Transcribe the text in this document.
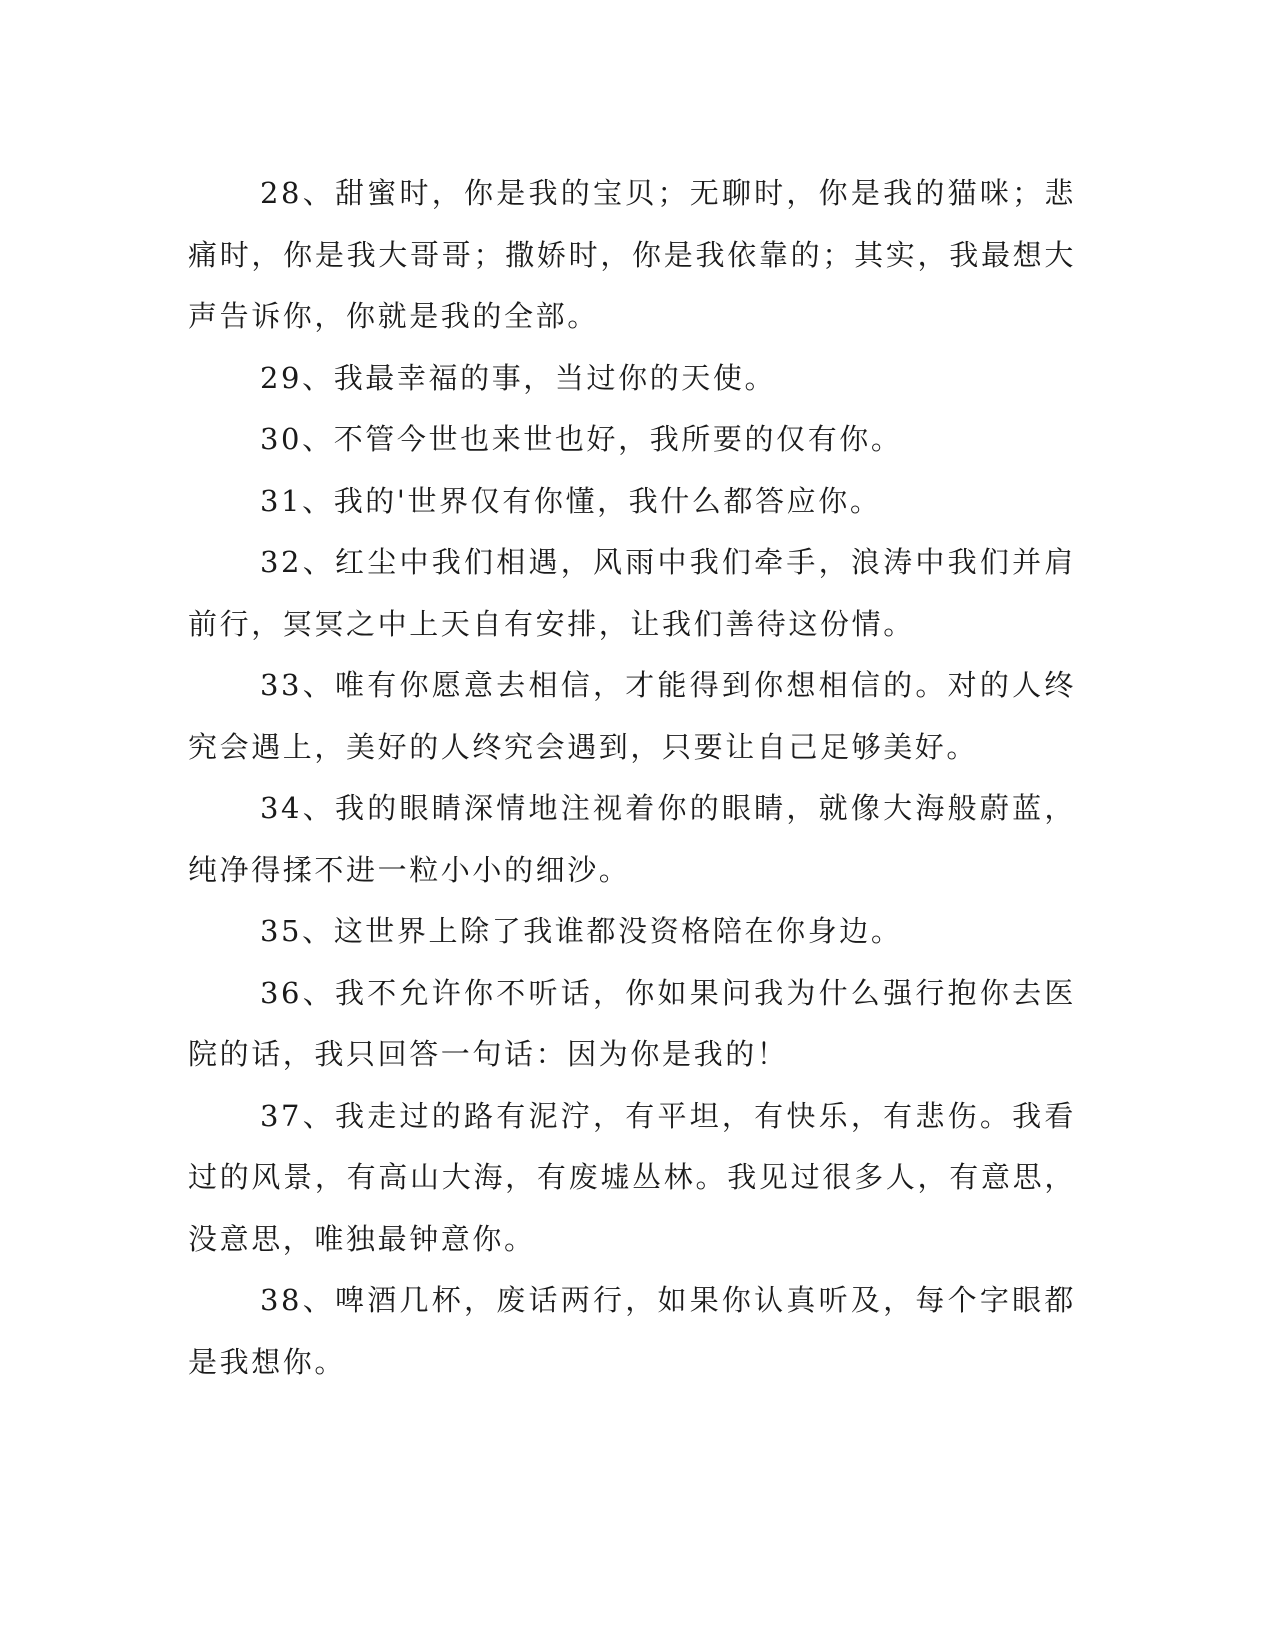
28、甜蜜时，你是我的宝贝；无聊时，你是我的猫咪；悲痛时，你是我大哥哥；撒娇时，你是我依靠的；其实，我最想大声告诉你，你就是我的全部。

29、我最幸福的事，当过你的天使。

30、不管今世也来世也好，我所要的仅有你。

31、我的'世界仅有你懂，我什么都答应你。

32、红尘中我们相遇，风雨中我们牵手，浪涛中我们并肩前行，冥冥之中上天自有安排，让我们善待这份情。

33、唯有你愿意去相信，才能得到你想相信的。对的人终究会遇上，美好的人终究会遇到，只要让自己足够美好。

34、我的眼睛深情地注视着你的眼睛，就像大海般蔚蓝，纯净得揉不进一粒小小的细沙。

35、这世界上除了我谁都没资格陪在你身边。

36、我不允许你不听话，你如果问我为什么强行抱你去医院的话，我只回答一句话：因为你是我的！

37、我走过的路有泥泞，有平坦，有快乐，有悲伤。我看过的风景，有高山大海，有废墟丛林。我见过很多人，有意思，没意思，唯独最钟意你。

38、啤酒几杯，废话两行，如果你认真听及，每个字眼都是我想你。
